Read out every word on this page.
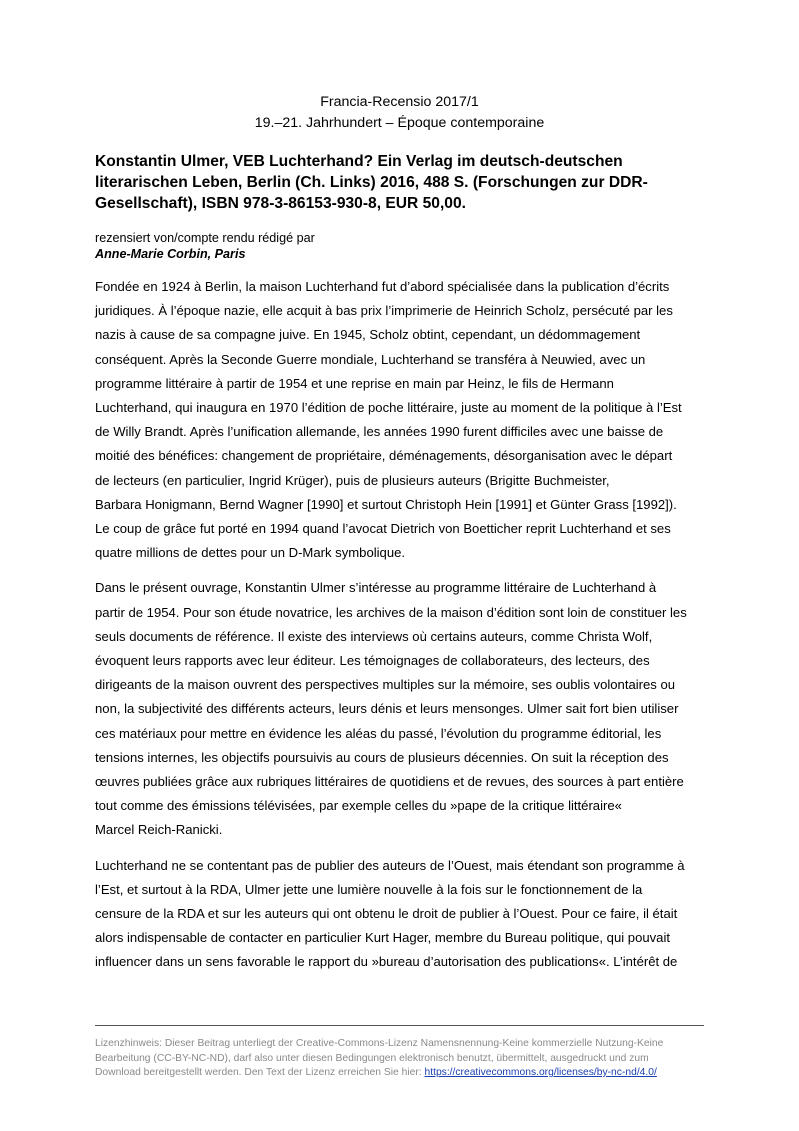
Francia-Recensio 2017/1
19.–21. Jahrhundert – Époque contemporaine
Konstantin Ulmer, VEB Luchterhand? Ein Verlag im deutsch-deutschen
literarischen Leben, Berlin (Ch. Links) 2016, 488 S. (Forschungen zur DDR-
Gesellschaft), ISBN 978-3-86153-930-8, EUR 50,00.
rezensiert von/compte rendu rédigé par
Anne-Marie Corbin, Paris

Fondée en 1924 à Berlin, la maison Luchterhand fut d’abord spécialisée dans la publication d’écrits
juridiques. À l’époque nazie, elle acquit à bas prix l’imprimerie de Heinrich Scholz, persécuté par les
nazis à cause de sa compagne juive. En 1945, Scholz obtint, cependant, un dédommagement
conséquent. Après la Seconde Guerre mondiale, Luchterhand se transféra à Neuwied, avec un
programme littéraire à partir de 1954 et une reprise en main par Heinz, le fils de Hermann
Luchterhand, qui inaugura en 1970 l’édition de poche littéraire, juste au moment de la politique à l’Est
de Willy Brandt. Après l’unification allemande, les années 1990 furent difficiles avec une baisse de
moitié des bénéfices: changement de propriétaire, déménagements, désorganisation avec le départ
de lecteurs (en particulier, Ingrid Krüger), puis de plusieurs auteurs (Brigitte Buchmeister,
Barbara Honigmann, Bernd Wagner [1990] et surtout Christoph Hein [1991] et Günter Grass [1992]).
Le coup de grâce fut porté en 1994 quand l’avocat Dietrich von Boetticher reprit Luchterhand et ses
quatre millions de dettes pour un D-Mark symbolique.

Dans le présent ouvrage, Konstantin Ulmer s’intéresse au programme littéraire de Luchterhand à
partir de 1954. Pour son étude novatrice, les archives de la maison d’édition sont loin de constituer les
seuls documents de référence. Il existe des interviews où certains auteurs, comme Christa Wolf,
évoquent leurs rapports avec leur éditeur. Les témoignages de collaborateurs, des lecteurs, des
dirigeants de la maison ouvrent des perspectives multiples sur la mémoire, ses oublis volontaires ou
non, la subjectivité des différents acteurs, leurs dénis et leurs mensonges. Ulmer sait fort bien utiliser
ces matériaux pour mettre en évidence les aléas du passé, l’évolution du programme éditorial, les
tensions internes, les objectifs poursuivis au cours de plusieurs décennies. On suit la réception des
œuvres publiées grâce aux rubriques littéraires de quotidiens et de revues, des sources à part entière
tout comme des émissions télévisées, par exemple celles du »pape de la critique littéraire«
Marcel Reich-Ranicki.

Luchterhand ne se contentant pas de publier des auteurs de l’Ouest, mais étendant son programme à
l’Est, et surtout à la RDA, Ulmer jette une lumière nouvelle à la fois sur le fonctionnement de la
censure de la RDA et sur les auteurs qui ont obtenu le droit de publier à l’Ouest. Pour ce faire, il était
alors indispensable de contacter en particulier Kurt Hager, membre du Bureau politique, qui pouvait
influencer dans un sens favorable le rapport du »bureau d’autorisation des publications«. L’intérêt de

Lizenzhinweis: Dieser Beitrag unterliegt der Creative-Commons-Lizenz Namensnennung-Keine kommerzielle Nutzung-Keine
Bearbeitung (CC-BY-NC-ND), darf also unter diesen Bedingungen elektronisch benutzt, übermittelt, ausgedruckt und zum
Download bereitgestellt werden. Den Text der Lizenz erreichen Sie hier: https://creativecommons.org/licenses/by-nc-nd/4.0/
